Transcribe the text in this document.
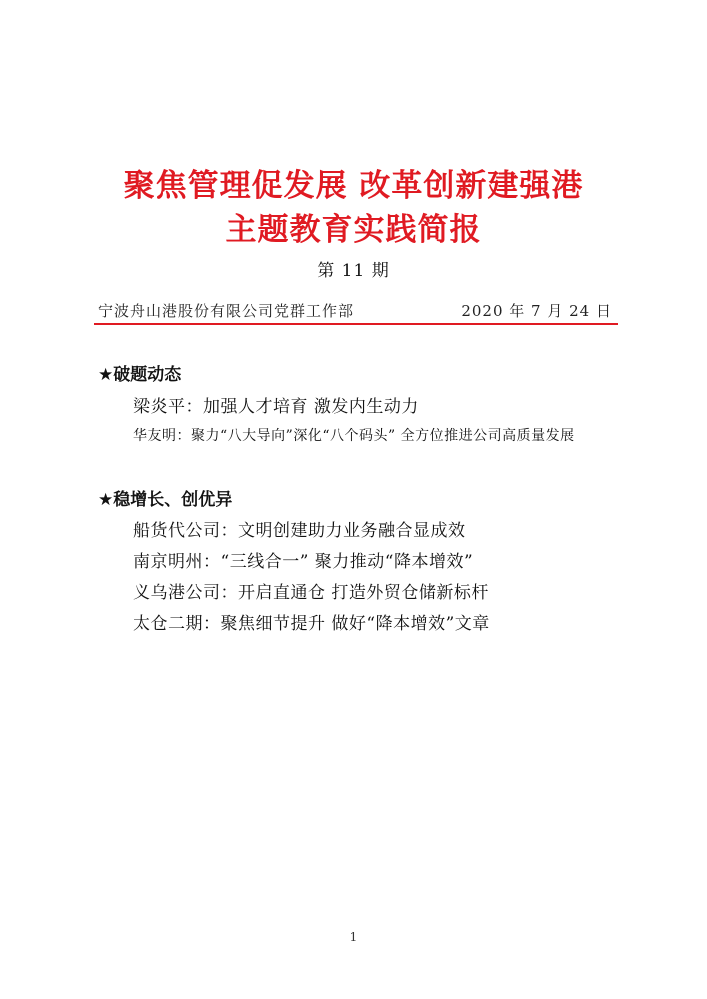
聚焦管理促发展 改革创新建强港
主题教育实践简报
第 11 期
宁波舟山港股份有限公司党群工作部	2020 年 7 月 24 日
★破题动态
梁炎平：加强人才培育 激发内生动力
华友明：聚力“八大导向”深化“八个码头” 全方位推进公司高质量发展
★稳增长、创优异
船货代公司：文明创建助力业务融合显成效
南京明州：“三线合一” 聚力推动“降本增效”
义乌港公司：开启直通仓 打造外贸仓储新标杆
太仓二期：聚焦细节提升 做好“降本增效”文章
1
